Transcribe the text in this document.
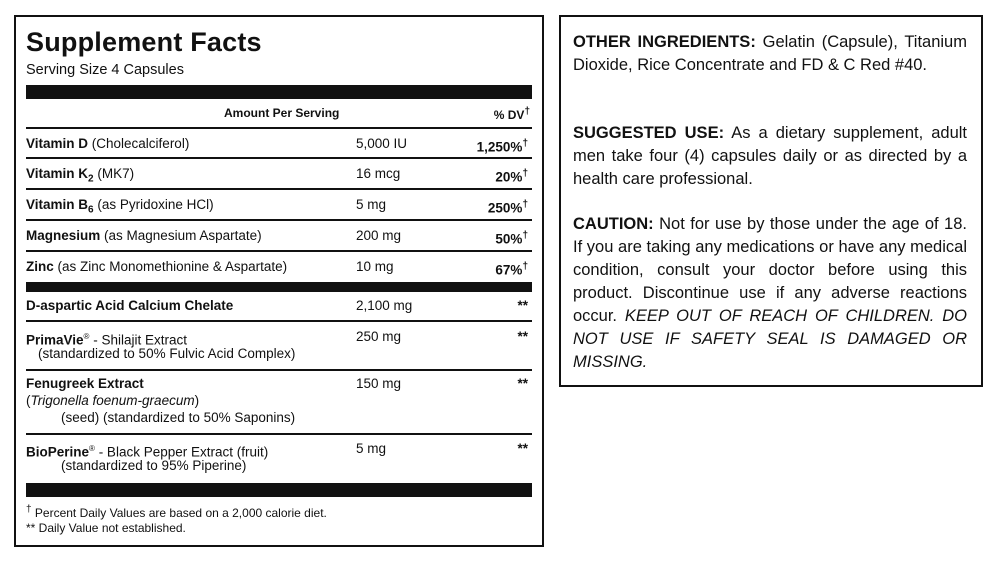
Supplement Facts
Serving Size 4 Capsules
Amount Per Serving	% DV†
Vitamin D (Cholecalciferol)	5,000 IU	1,250%†
Vitamin $K_2$ (MK7)	16 mcg	20%†
Vitamin $B_6$ (as Pyridoxine HCl)	5 mg	250%†
Magnesium (as Magnesium Aspartate)	200 mg	50%†
Zinc (as Zinc Monomethionine & Aspartate)	10 mg	67%†
D-aspartic Acid Calcium Chelate	2,100 mg	**
PrimaVie® - Shilajit Extract
(standardized to 50% Fulvic Acid Complex)
250 mg	**
Fenugreek Extract
(Trigonella foenum-graecum)
(seed) (standardized to 50% Saponins)
150 mg	**
BioPerine® - Black Pepper Extract (fruit)
(standardized to 95% Piperine)
5 mg	**
† Percent Daily Values are based on a 2,000 calorie diet.
** Daily Value not established.
OTHER INGREDIENTS: Gelatin (Capsule), Titanium Dioxide, Rice Concentrate and FD & C Red #40.
SUGGESTED USE: As a dietary supplement, adult men take four (4) capsules daily or as directed by a health care professional.
CAUTION: Not for use by those under the age of 18. If you are taking any medications or have any medical condition, consult your doctor before using this product. Discontinue use if any adverse reactions occur. KEEP OUT OF REACH OF CHILDREN. DO NOT USE IF SAFETY SEAL IS DAMAGED OR MISSING.
